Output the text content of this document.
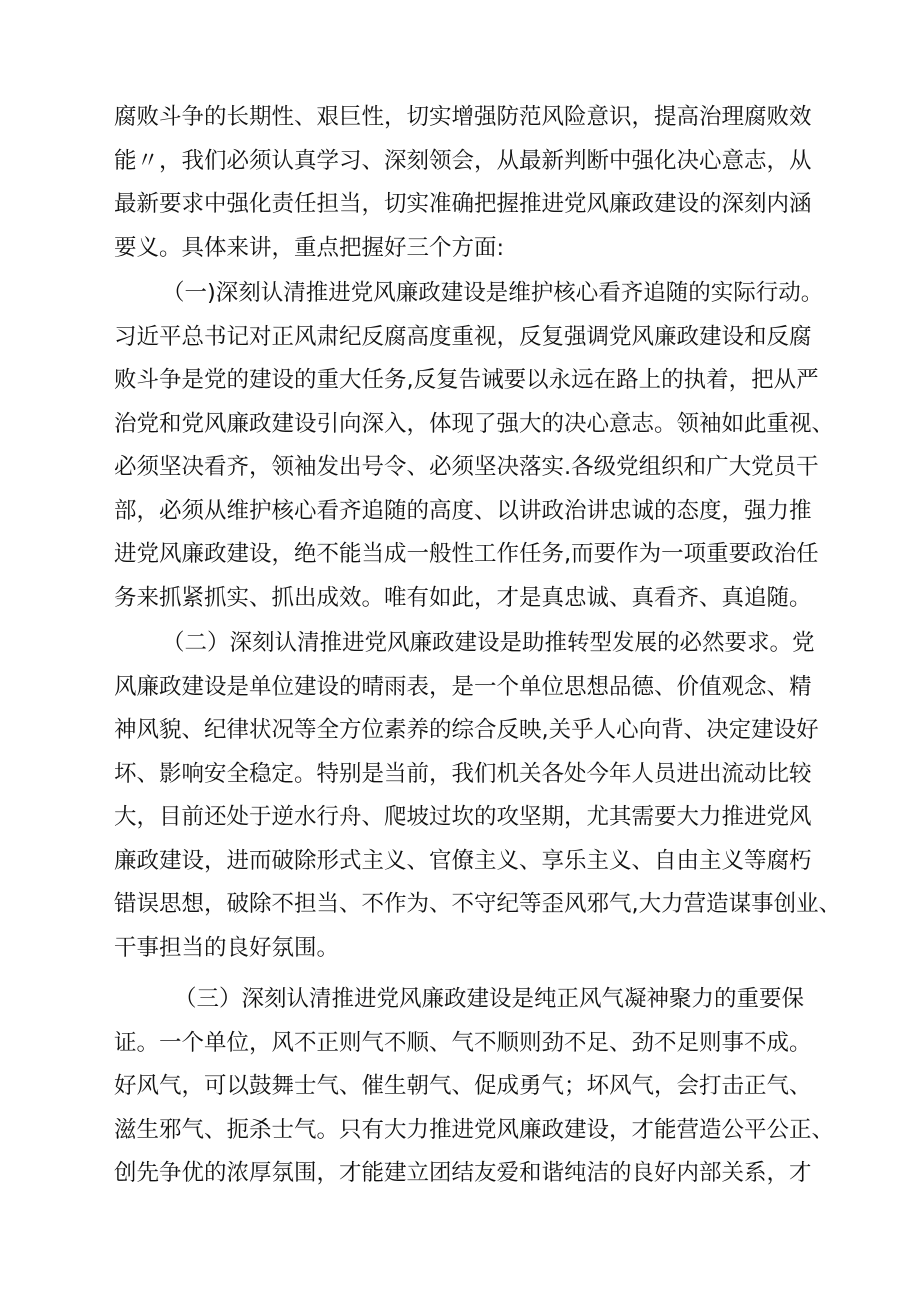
腐败斗争的长期性、艰巨性，切实增强防范风险意识，提高治理腐败效
能〃，我们必须认真学习、深刻领会，从最新判断中强化决心意志，从
最新要求中强化责任担当，切实准确把握推进党风廉政建设的深刻内涵
要义。具体来讲，重点把握好三个方面:

（一)深刻认清推进党风廉政建设是维护核心看齐追随的实际行动。
习近平总书记对正风肃纪反腐高度重视，反复强调党风廉政建设和反腐
败斗争是党的建设的重大任务,反复告诫要以永远在路上的执着，把从严
治党和党风廉政建设引向深入，体现了强大的决心意志。领袖如此重视、
必须坚决看齐，领袖发出号令、必须坚决落实.各级党组织和广大党员干
部，必须从维护核心看齐追随的高度、以讲政治讲忠诚的态度，强力推
进党风廉政建设，绝不能当成一般性工作任务,而要作为一项重要政治任
务来抓紧抓实、抓出成效。唯有如此，才是真忠诚、真看齐、真追随。

（二）深刻认清推进党风廉政建设是助推转型发展的必然要求。党
风廉政建设是单位建设的晴雨表，是一个单位思想品德、价值观念、精
神风貌、纪律状况等全方位素养的综合反映,关乎人心向背、决定建设好
坏、影响安全稳定。特别是当前，我们机关各处今年人员进出流动比较
大，目前还处于逆水行舟、爬坡过坎的攻坚期，尤其需要大力推进党风
廉政建设，进而破除形式主义、官僚主义、享乐主义、自由主义等腐朽
错误思想，破除不担当、不作为、不守纪等歪风邪气,大力营造谋事创业、
干事担当的良好氛围。

（三）深刻认清推进党风廉政建设是纯正风气凝神聚力的重要保
证。一个单位，风不正则气不顺、气不顺则劲不足、劲不足则事不成。
好风气，可以鼓舞士气、催生朝气、促成勇气；坏风气，会打击正气、
滋生邪气、扼杀士气。只有大力推进党风廉政建设，才能营造公平公正、
创先争优的浓厚氛围，才能建立团结友爱和谐纯洁的良好内部关系，才
